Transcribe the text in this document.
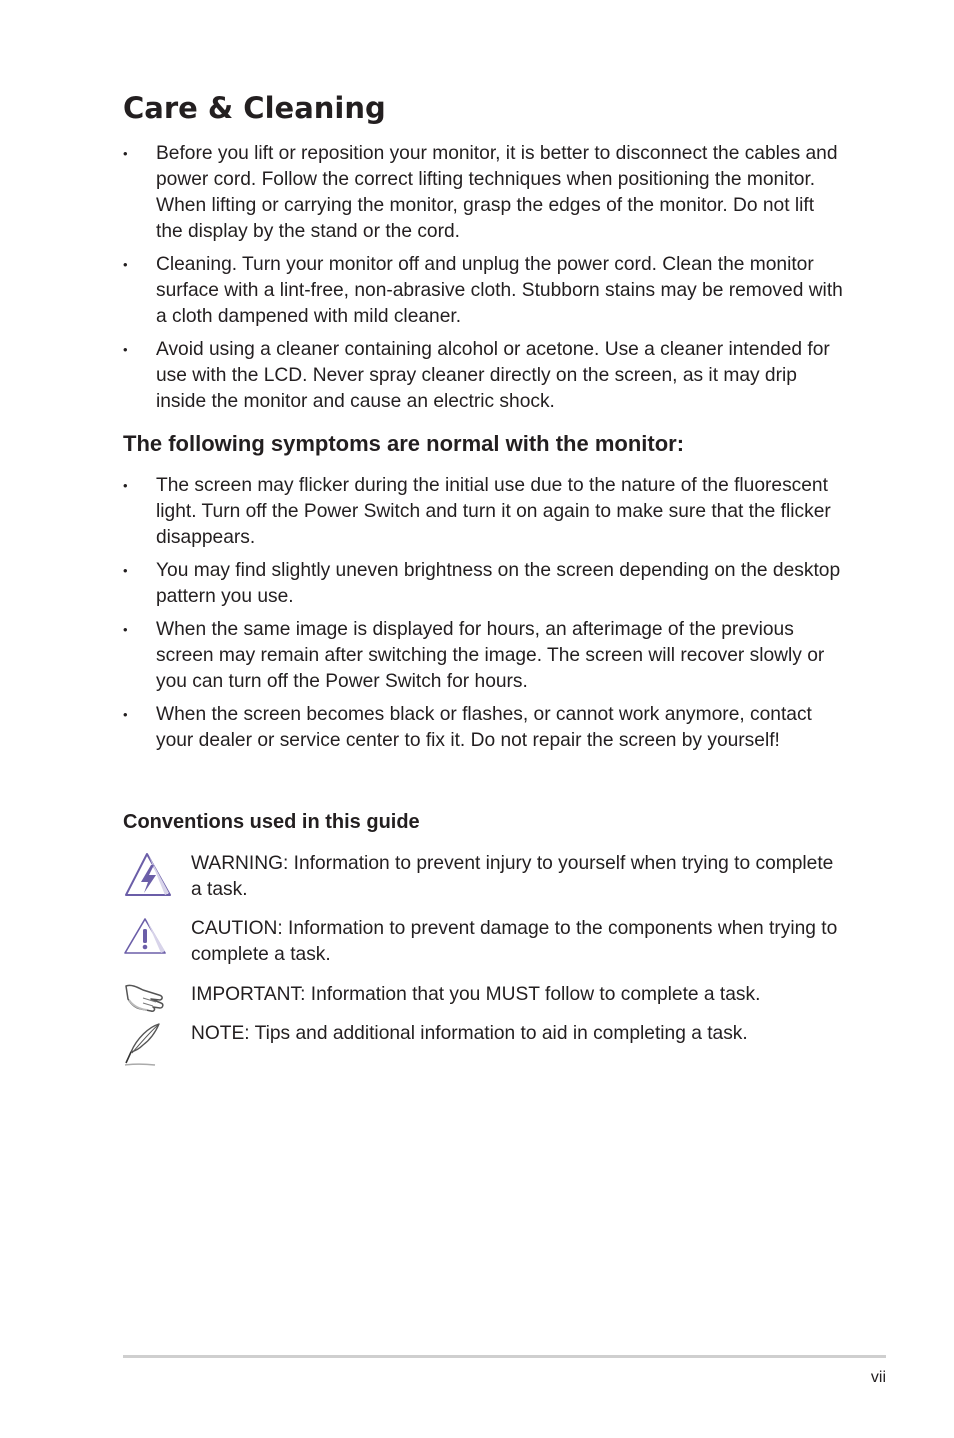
Care & Cleaning
• Before you lift or reposition your monitor, it is better to disconnect the cables and power cord. Follow the correct lifting techniques when positioning the monitor. When lifting or carrying the monitor, grasp the edges of the monitor. Do not lift the display by the stand or the cord.
• Cleaning. Turn your monitor off and unplug the power cord. Clean the monitor surface with a lint-free, non-abrasive cloth. Stubborn stains may be removed with a cloth dampened with mild cleaner.
• Avoid using a cleaner containing alcohol or acetone. Use a cleaner intended for use with the LCD. Never spray cleaner directly on the screen, as it may drip inside the monitor and cause an electric shock.
The following symptoms are normal with the monitor:
• The screen may flicker during the initial use due to the nature of the fluorescent light. Turn off the Power Switch and turn it on again to make sure that the flicker disappears.
• You may find slightly uneven brightness on the screen depending on the desktop pattern you use.
• When the same image is displayed for hours, an afterimage of the previous screen may remain after switching the image. The screen will recover slowly or you can turn off the Power Switch for hours.
• When the screen becomes black or flashes, or cannot work anymore, contact your dealer or service center to fix it. Do not repair the screen by yourself!
Conventions used in this guide
WARNING: Information to prevent injury to yourself when trying to complete a task.
CAUTION: Information to prevent damage to the components when trying to complete a task.
IMPORTANT: Information that you MUST follow to complete a task.
NOTE: Tips and additional information to aid in completing a task.
vii
